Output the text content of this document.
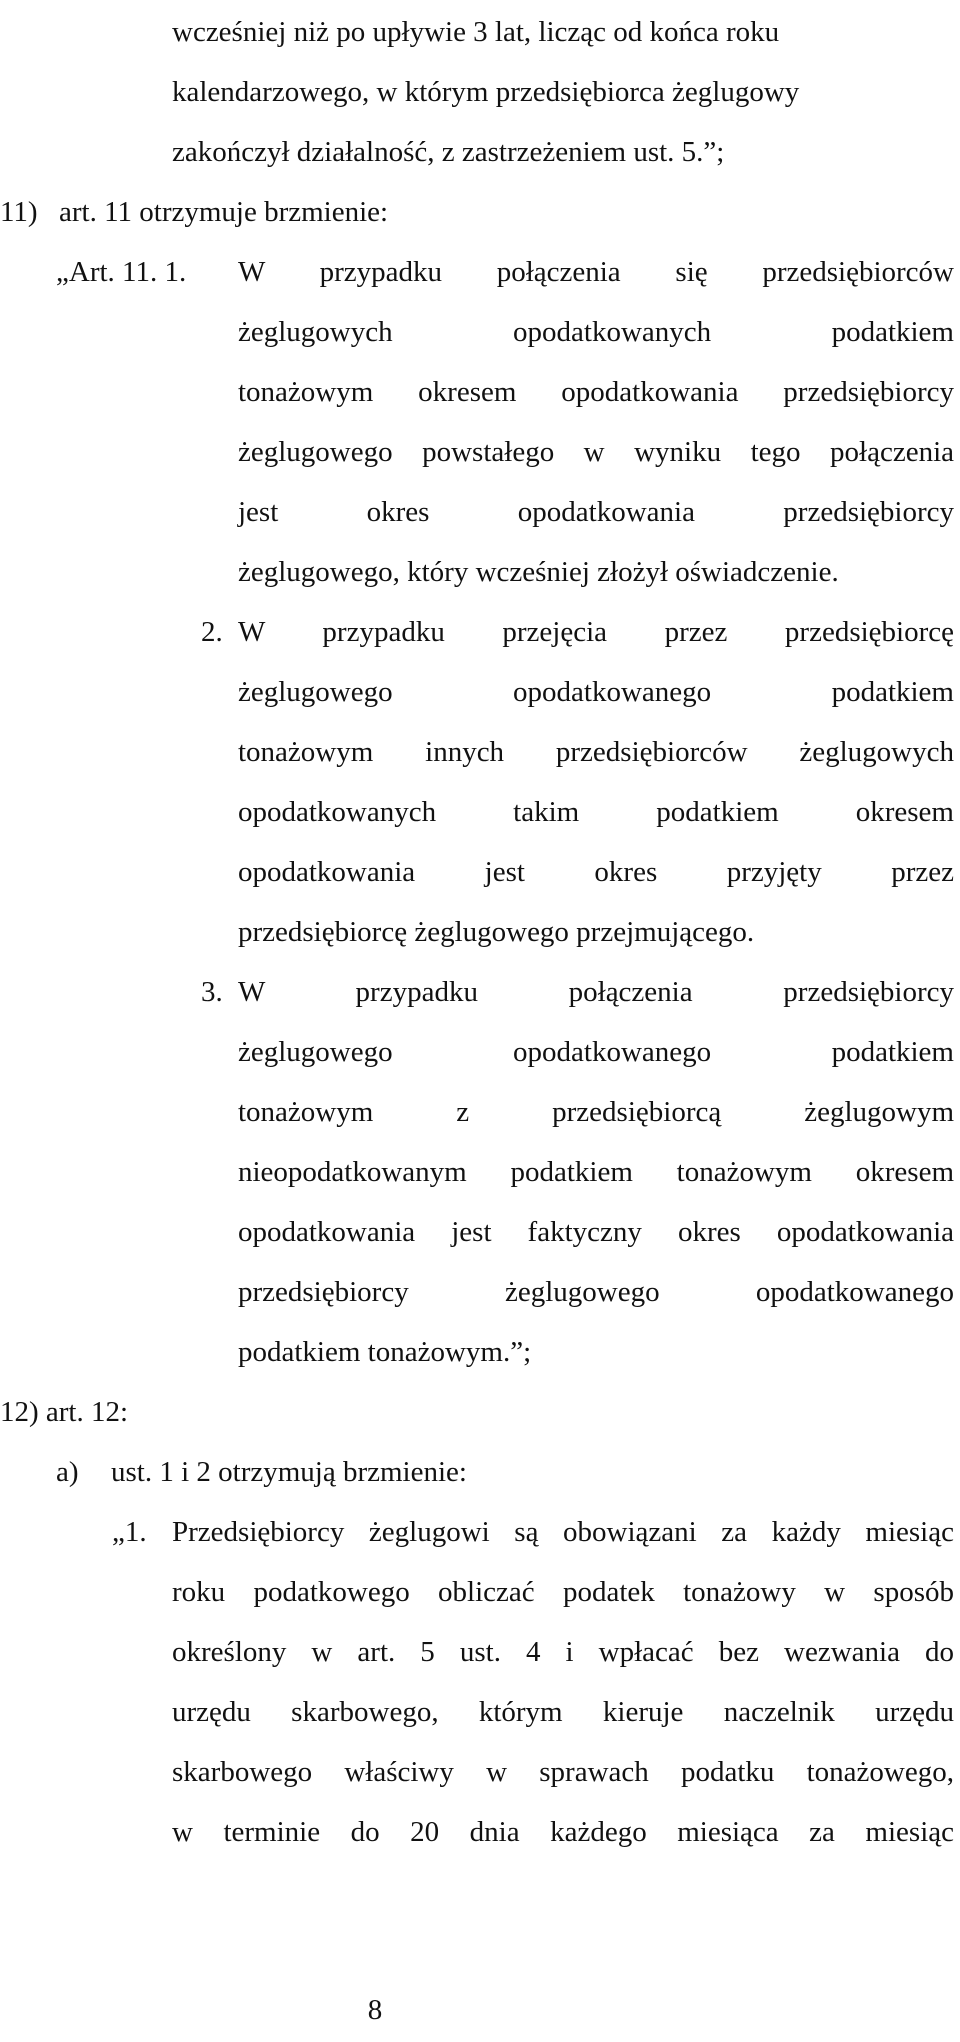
wcześniej niż po upływie 3 lat, licząc od końca roku
kalendarzowego, w którym przedsiębiorca żeglugowy
zakończył działalność, z zastrzeżeniem ust. 5.”;
11) art. 11 otrzymuje brzmienie:
„Art. 11. 1. W przypadku połączenia się przedsiębiorców
żeglugowych opodatkowanych podatkiem
tonażowym okresem opodatkowania przedsiębiorcy
żeglugowego powstałego w wyniku tego połączenia
jest okres opodatkowania przedsiębiorcy
żeglugowego, który wcześniej złożył oświadczenie.
2. W przypadku przejęcia przez przedsiębiorcę
żeglugowego opodatkowanego podatkiem
tonażowym innych przedsiębiorców żeglugowych
opodatkowanych takim podatkiem okresem
opodatkowania jest okres przyjęty przez
przedsiębiorcę żeglugowego przejmującego.
3. W przypadku połączenia przedsiębiorcy
żeglugowego opodatkowanego podatkiem
tonażowym z przedsiębiorcą żeglugowym
nieopodatkowanym podatkiem tonażowym okresem
opodatkowania jest faktyczny okres opodatkowania
przedsiębiorcy żeglugowego opodatkowanego
podatkiem tonażowym.”;
12) art. 12:
a) ust. 1 i 2 otrzymują brzmienie:
„1. Przedsiębiorcy żeglugowi są obowiązani za każdy miesiąc
roku podatkowego obliczać podatek tonażowy w sposób
określony w art. 5 ust. 4 i wpłacać bez wezwania do
urzędu skarbowego, którym kieruje naczelnik urzędu
skarbowego właściwy w sprawach podatku tonażowego,
w terminie do 20 dnia każdego miesiąca za miesiąc
8
